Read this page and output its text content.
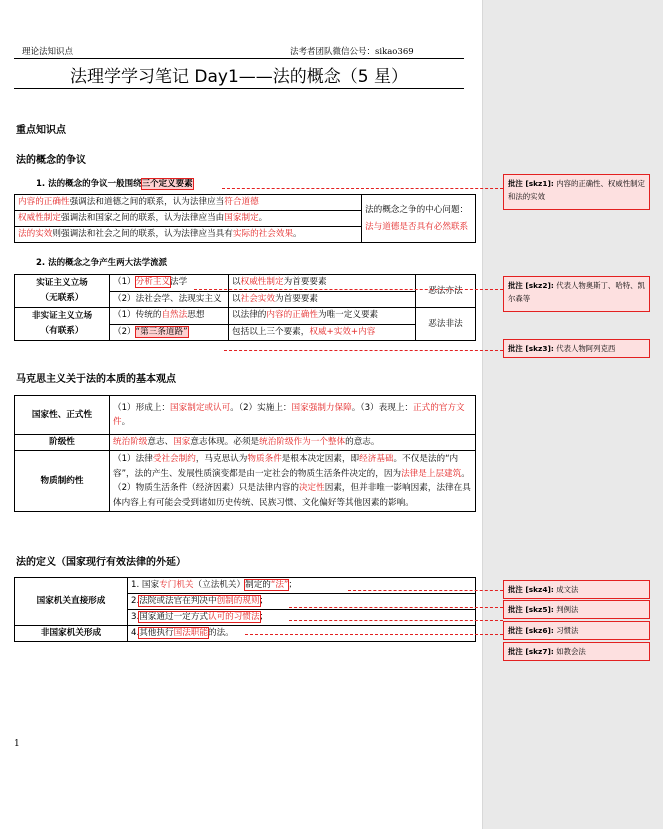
理论法知识点	法考者团队微信公号：sikao369
法理学学习笔记 Day1——法的概念（5 星）
重点知识点
法的概念的争议
1. 法的概念的争议一般围绕三个定义要素
内容的正确性强调法和道德之间的联系，认为法律应当符合道德	法的概念之争的中心问题：法与道德是否具有必然联系
权威性制定强调法和国家之间的联系，认为法律应当由国家制定。
法的实效则强调法和社会之间的联系，认为法律应当具有实际的社会效果。
2. 法的概念之争产生两大法学流派
实证主义立场
（无联系）	（1）分析主义法学	以权威性制定为首要要素	恶法亦法
	（2）法社会学、法现实主义	以社会实效为首要要素	
非实证主义立场
（有联系）	（1）传统的自然法思想	以法律的内容的正确性为唯一定义要素	恶法非法
	（2）“第三条道路”	包括以上三个要素，权威+实效+内容	
马克思主义关于法的本质的基本观点
国家性、正式性	（1）形成上：国家制定或认可。（2）实施上：国家强制力保障。（3）表现上：正式的官方文件。
阶级性	统治阶级意志、国家意志体现。必须是统治阶级作为一个整体的意志。
物质制约性	（1）法律受社会制约，马克思认为物质条件是根本决定因素，即经济基础。不仅是法的“内容”，法的产生、发展性质演变都是由一定社会的物质生活条件决定的，因为法律是上层建筑。
（2）物质生活条件（经济因素）只是法律内容的决定性因素，但并非唯一影响因素，法律在具体内容上有可能会受到诸如历史传统、民族习惯、文化偏好等其他因素的影响。
法的定义（国家现行有效法律的外延）
国家机关直接形成	1. 国家专门机关（立法机关）制定的“法”；
	2.法院或法官在判决中创制的规则；
	3.国家通过一定方式认可的习惯法；
非国家机关形成	4.其他执行国法职能的法。
1
批注 [skz1]: 内容的正确性、权威性制定和法的实效
批注 [skz2]: 代表人物奥斯丁、哈特、凯尔森等
批注 [skz3]: 代表人物阿列克西
批注 [skz4]: 成文法
批注 [skz5]: 判例法
批注 [skz6]: 习惯法
批注 [skz7]: 如教会法
